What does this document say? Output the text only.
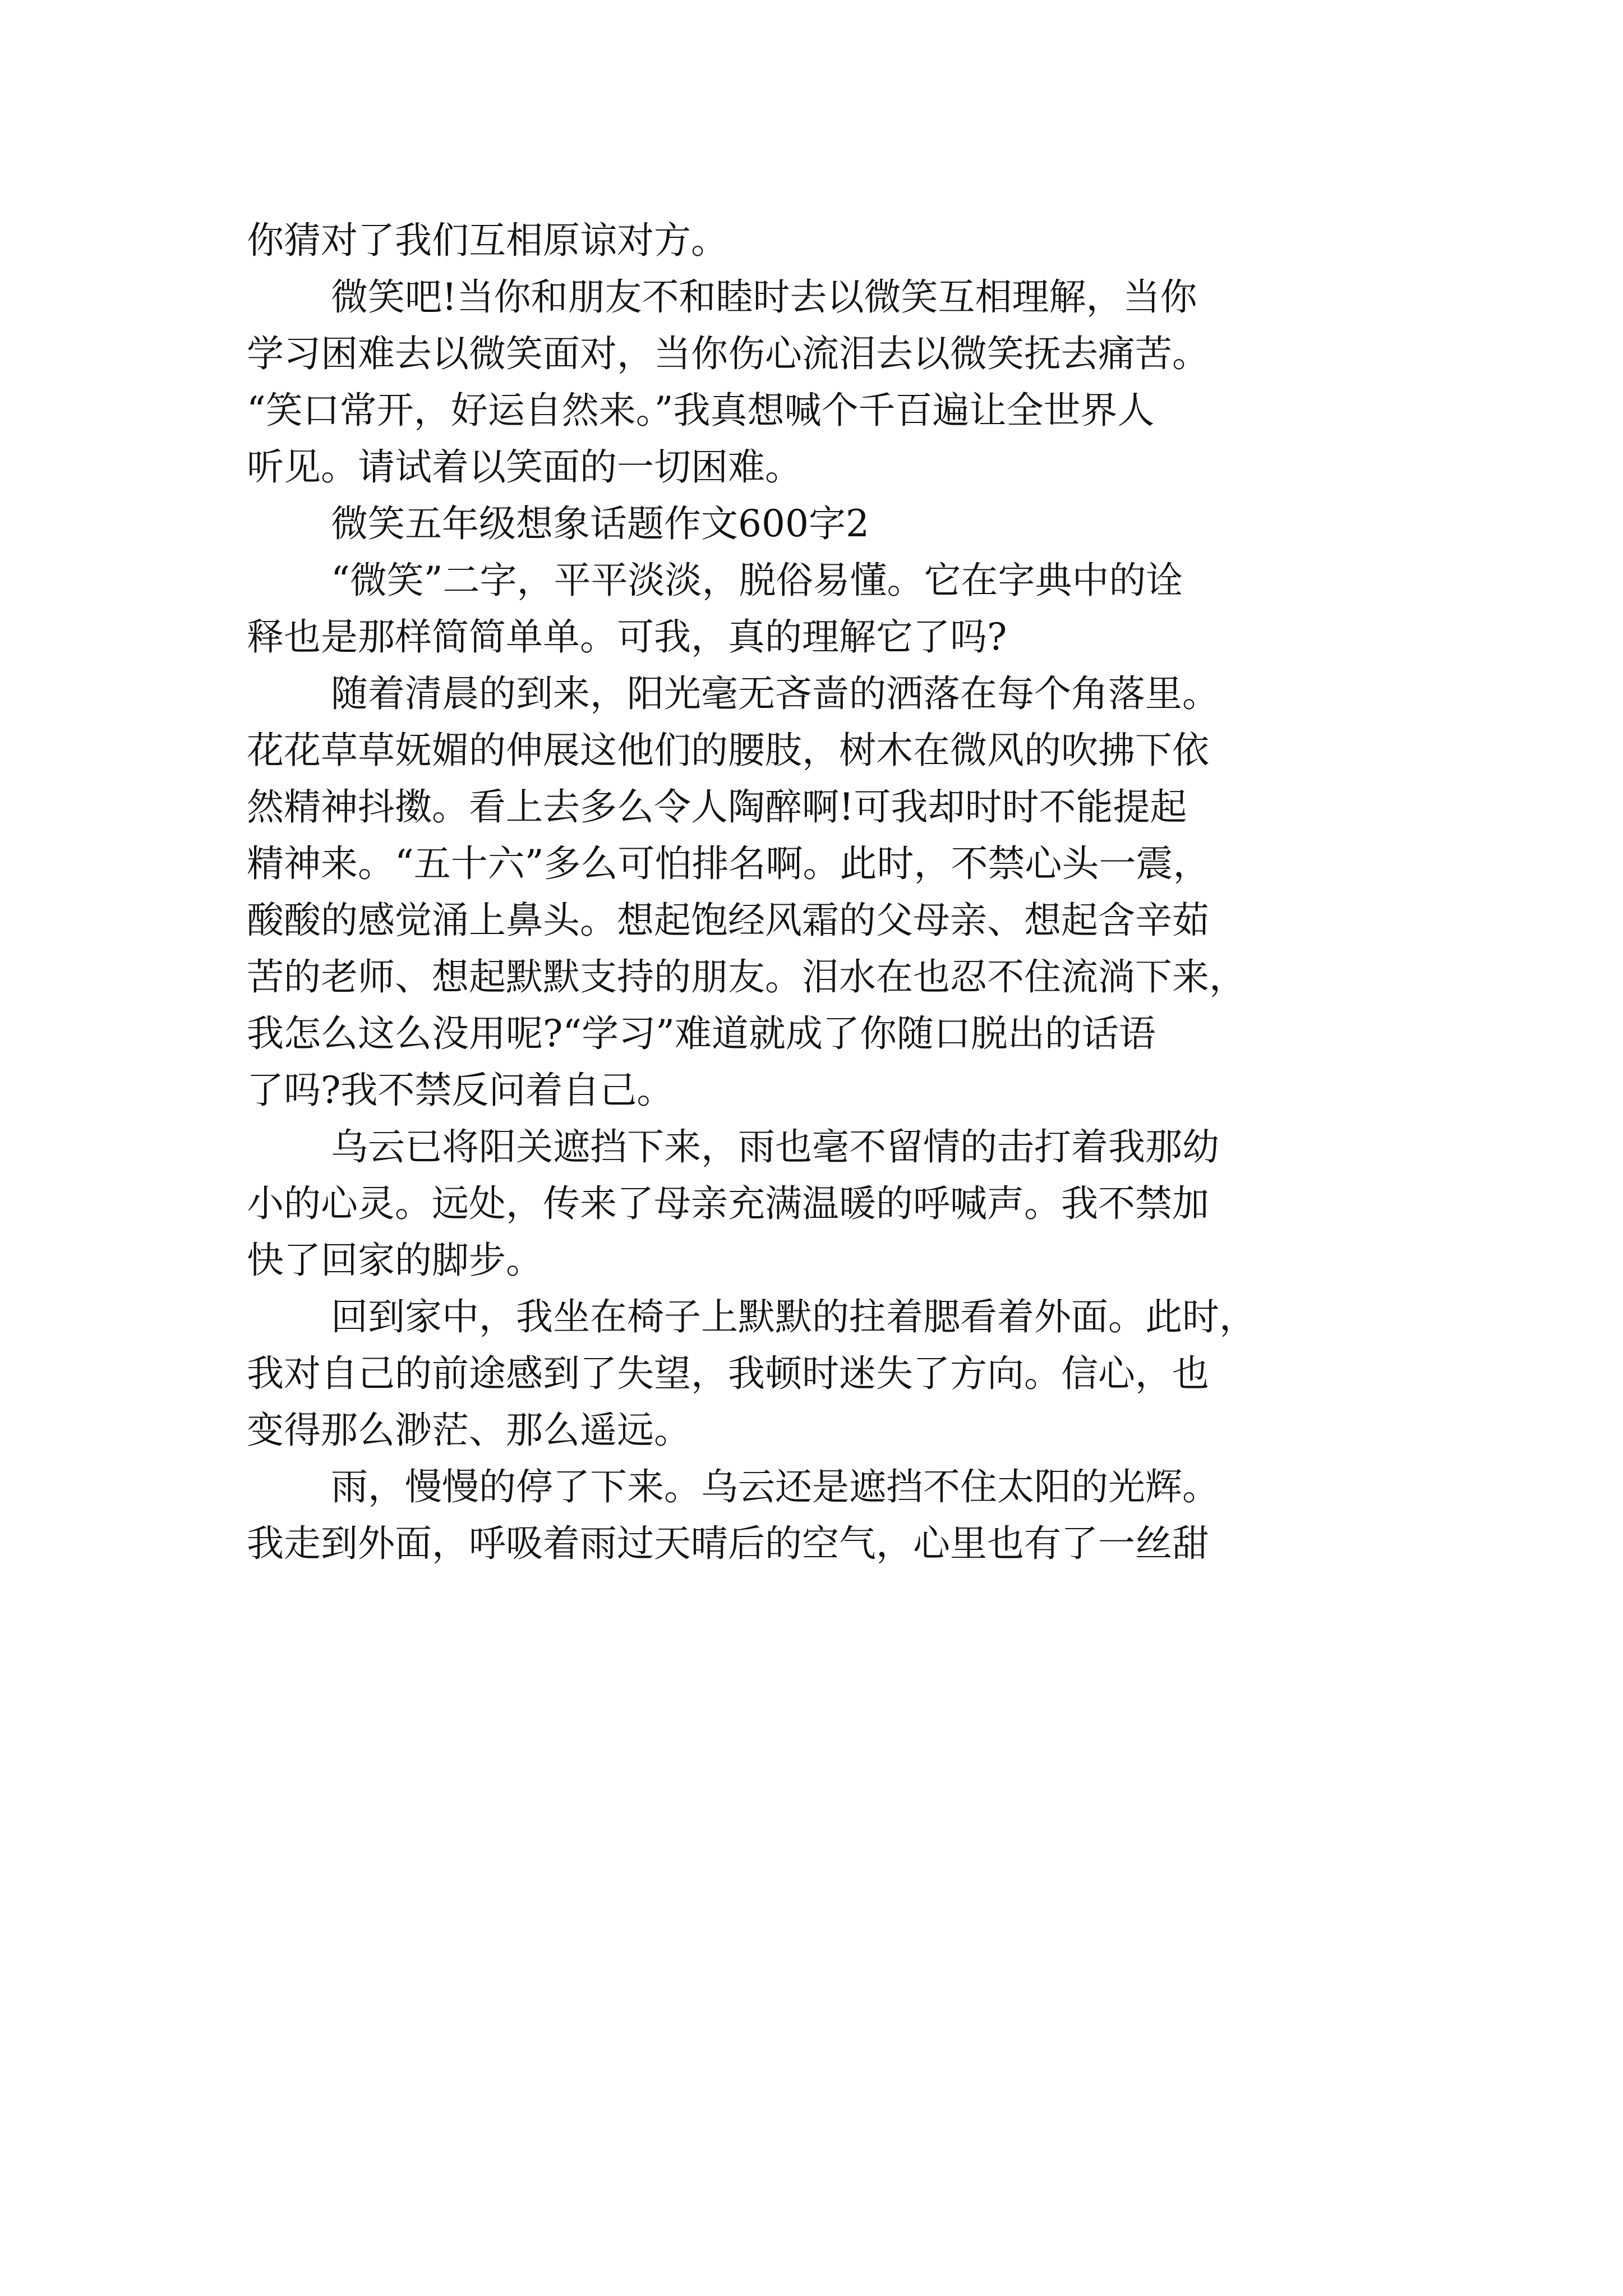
你猜对了我们互相原谅对方。
微笑吧!当你和朋友不和睦时去以微笑互相理解，当你
学习困难去以微笑面对，当你伤心流泪去以微笑抚去痛苦。
“笑口常开，好运自然来。”我真想喊个千百遍让全世界人
听见。请试着以笑面的一切困难。
微笑五年级想象话题作文600字2
“微笑”二字，平平淡淡，脱俗易懂。它在字典中的诠
释也是那样简简单单。可我，真的理解它了吗?
随着清晨的到来，阳光毫无吝啬的洒落在每个角落里。
花花草草妩媚的伸展这他们的腰肢，树木在微风的吹拂下依
然精神抖擞。看上去多么令人陶醉啊!可我却时时不能提起
精神来。“五十六”多么可怕排名啊。此时，不禁心头一震，
酸酸的感觉涌上鼻头。想起饱经风霜的父母亲、想起含辛茹
苦的老师、想起默默支持的朋友。泪水在也忍不住流淌下来，
我怎么这么没用呢?“学习”难道就成了你随口脱出的话语
了吗?我不禁反问着自己。
乌云已将阳关遮挡下来，雨也毫不留情的击打着我那幼
小的心灵。远处，传来了母亲充满温暖的呼喊声。我不禁加
快了回家的脚步。
回到家中，我坐在椅子上默默的拄着腮看着外面。此时，
我对自己的前途感到了失望，我顿时迷失了方向。信心，也
变得那么渺茫、那么遥远。
雨，慢慢的停了下来。乌云还是遮挡不住太阳的光辉。
我走到外面，呼吸着雨过天晴后的空气，心里也有了一丝甜
